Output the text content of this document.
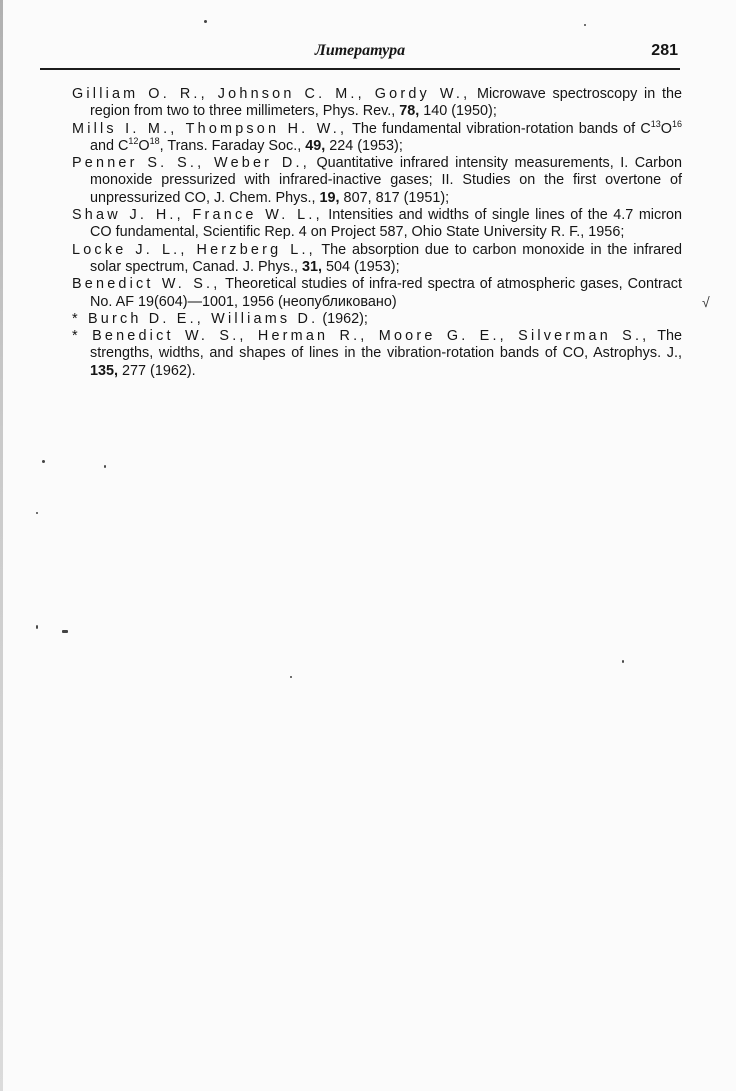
Литература	281
Gilliam O. R., Johnson C. M., Gordy W., Microwave spectroscopy in the region from two to three millimeters, Phys. Rev., 78, 140 (1950);
Mills I. M., Thompson H. W., The fundamental vibration-rotation bands of $C^{13}O^{16}$ and $C^{12}O^{18}$, Trans. Faraday Soc., 49, 224 (1953);
Penner S. S., Weber D., Quantitative infrared intensity measurements, I. Carbon monoxide pressurized with infrared-inactive gases; II. Studies on the first overtone of unpressurized CO, J. Chem. Phys., 19, 807, 817 (1951);
Shaw J. H., France W. L., Intensities and widths of single lines of the 4.7 micron CO fundamental, Scientific Rep. 4 on Project 587, Ohio State University R. F., 1956;
Locke J. L., Herzberg L., The absorption due to carbon monoxide in the infrared solar spectrum, Canad. J. Phys., 31, 504 (1953);
Benedict W. S., Theoretical studies of infra-red spectra of atmospheric gases, Contract No. AF 19(604)—1001, 1956 (неопубликовано)
* Burch D. E., Williams D. (1962);
* Benedict W. S., Herman R., Moore G. E., Silverman S., The strengths, widths, and shapes of lines in the vibration-rotation bands of CO, Astrophys. J., 135, 277 (1962).
√
